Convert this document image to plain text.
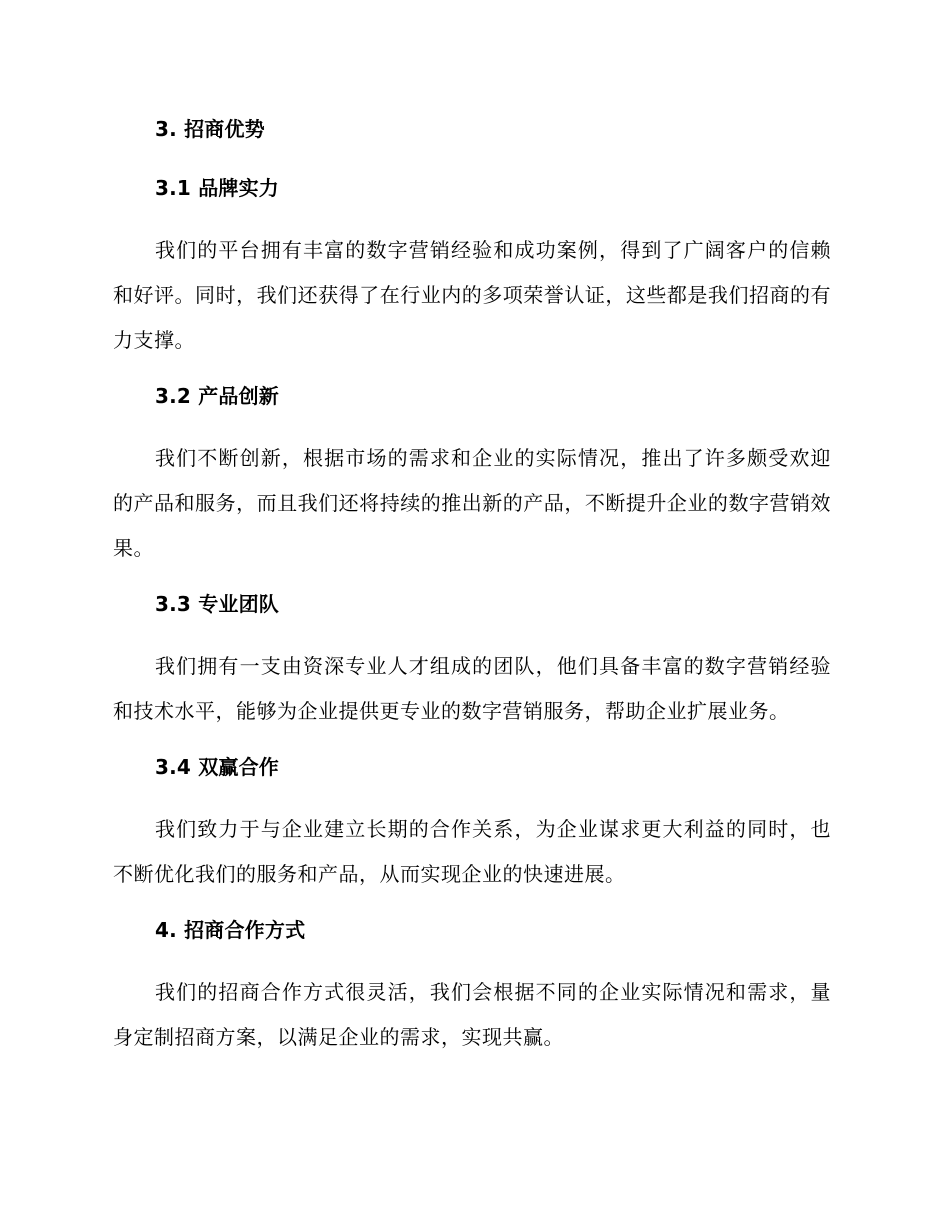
3. 招商优势
3.1 品牌实力

我们的平台拥有丰富的数字营销经验和成功案例，得到了广阔客户的信赖和好评。同时，我们还获得了在行业内的多项荣誉认证，这些都是我们招商的有力支撑。

3.2 产品创新

我们不断创新，根据市场的需求和企业的实际情况，推出了许多颇受欢迎的产品和服务，而且我们还将持续的推出新的产品，不断提升企业的数字营销效果。

3.3 专业团队

我们拥有一支由资深专业人才组成的团队，他们具备丰富的数字营销经验和技术水平，能够为企业提供更专业的数字营销服务，帮助企业扩展业务。

3.4 双赢合作

我们致力于与企业建立长期的合作关系，为企业谋求更大利益的同时，也不断优化我们的服务和产品，从而实现企业的快速进展。

4. 招商合作方式

我们的招商合作方式很灵活，我们会根据不同的企业实际情况和需求，量身定制招商方案，以满足企业的需求，实现共赢。
